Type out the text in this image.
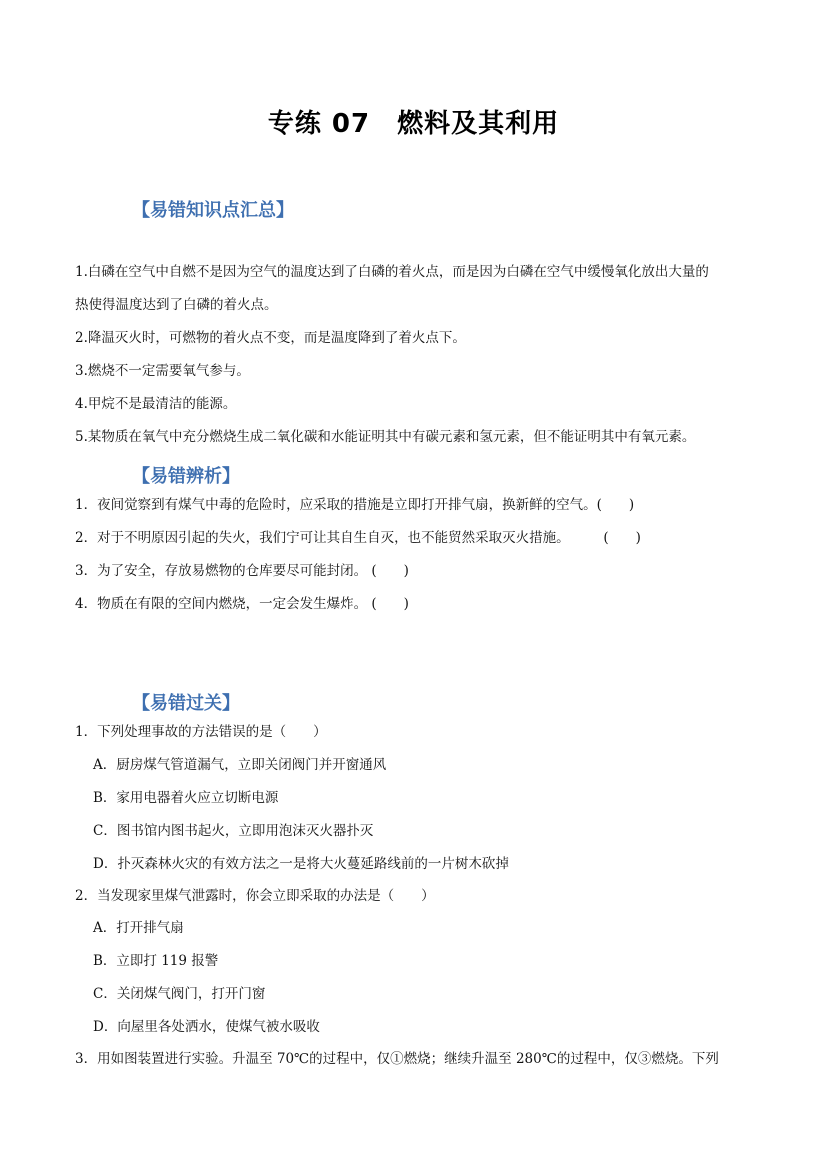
专练 07　燃料及其利用
【易错知识点汇总】
1.白磷在空气中自燃不是因为空气的温度达到了白磷的着火点，而是因为白磷在空气中缓慢氧化放出大量的
热使得温度达到了白磷的着火点。
2.降温灭火时，可燃物的着火点不变，而是温度降到了着火点下。
3.燃烧不一定需要氧气参与。
4.甲烷不是最清洁的能源。
5.某物质在氧气中充分燃烧生成二氧化碳和水能证明其中有碳元素和氢元素，但不能证明其中有氧元素。
【易错辨析】
1．夜间觉察到有煤气中毒的危险时，应采取的措施是立即打开排气扇，换新鲜的空气。(　　)
2．对于不明原因引起的失火，我们宁可让其自生自灭，也不能贸然采取灭火措施。　　　(　　)
3．为了安全，存放易燃物的仓库要尽可能封闭。 (　　)
4．物质在有限的空间内燃烧，一定会发生爆炸。 (　　)
【易错过关】
1．下列处理事故的方法错误的是（　　）
A．厨房煤气管道漏气，立即关闭阀门并开窗通风
B．家用电器着火应立切断电源
C．图书馆内图书起火，立即用泡沫灭火器扑灭
D．扑灭森林火灾的有效方法之一是将大火蔓延路线前的一片树木砍掉
2．当发现家里煤气泄露时，你会立即采取的办法是（　　）
A．打开排气扇
B．立即打 119 报警
C．关闭煤气阀门，打开门窗
D．向屋里各处洒水，使煤气被水吸收
3．用如图装置进行实验。升温至 70℃的过程中，仅①燃烧；继续升温至 280℃的过程中，仅③燃烧。下列
